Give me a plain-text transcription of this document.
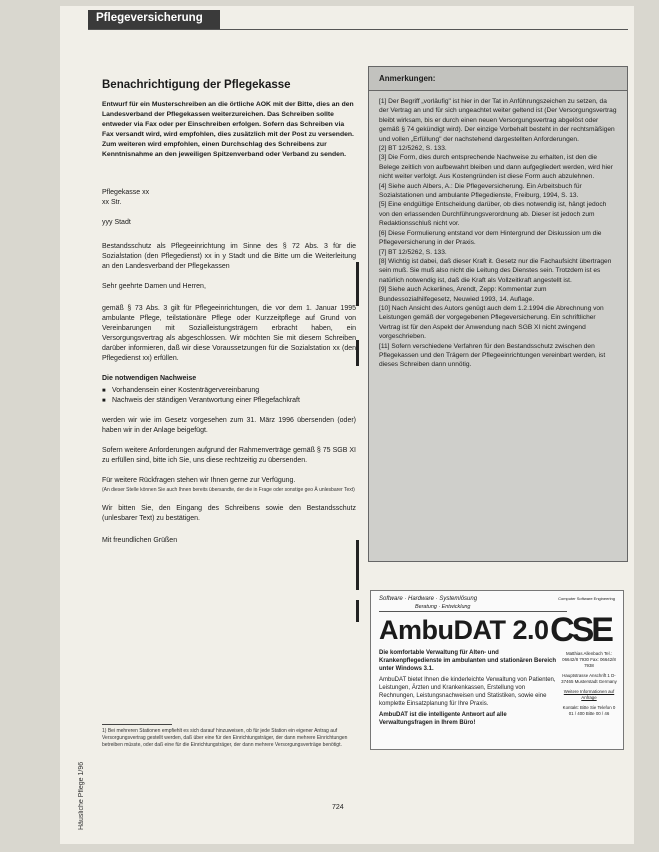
Pflegeversicherung
Benachrichtigung der Pflegekasse

Entwurf für ein Musterschreiben an die örtliche AOK mit der Bitte, dies an den Landesverband der Pflegekassen weiterzureichen. Das Schreiben sollte entweder via Fax oder per Einschreiben erfolgen. Sofern das Schreiben via Fax versandt wird, wird empfohlen, dies zusätzlich mit der Post zu versenden. Zum weiteren wird empfohlen, einen Durchschlag des Schreibens zur Kenntnisnahme an den jeweiligen Spitzenverband oder Verband zu senden.

Pflegekasse xx

xx Str.

yyy Stadt

Bestandsschutz als Pflegeeinrichtung im Sinne des § 72 Abs. 3 für die Sozialstation (den Pflegedienst) xx in y Stadt und die Bitte um die Weiterleitung an den Landesverband der Pflegekassen

Sehr geehrte Damen und Herren,

gemäß § 73 Abs. 3 gilt für Pflegeeinrichtungen, die vor dem 1. Januar 1995 ambulante Pflege, teilstationäre Pflege oder Kurzzeitpflege auf Grund von Vereinbarungen mit Sozialleistungsträgern erbracht haben, ein Versorgungsvertrag als abgeschlossen. Wir möchten Sie mit diesem Schreiben darüber informieren, daß wir diese Voraussetzungen für die Sozialstation xx (den Pflegedienst xx) erfüllen.

Die notwendigen Nachweise

■ Vorhandensein einer Kostenträgervereinbarung
■ Nachweis der ständigen Verantwortung einer Pflegefachkraft

werden wir wie im Gesetz vorgesehen zum 31. März 1996 übersenden (oder) haben wir in der Anlage beigefügt.

Sofern weitere Anforderungen aufgrund der Rahmenverträge gemäß § 75 SGB XI zu erfüllen sind, bitte ich Sie, uns diese rechtzeitig zu übersenden.

Für weitere Rückfragen stehen wir Ihnen gerne zur Verfügung.

(An dieser Stelle können Sie auch Ihnen bereits übersandte, der die in Frage oder sonstige geo Ä unlesbarer Text)

Wir bitten Sie, den Eingang des Schreibens sowie den Bestandsschutz (unlesbarer Text) zu bestätigen.

Mit freundlichen Grüßen

1) Bei mehreren Stationen empfiehlt es sich darauf hinzuweisen, ob für jede Station ein eigener Antrag auf Versorgungsvertrag gestellt werden, daß über eine für den Einrichtungsträger, der dann mehrere Einrichtungen betreiben müsste, oder daß eine für die Einrichtungsträger, der dann mehrere Versorgungsverträge benötigt.
Häusliche Pflege 1/96
Anmerkungen:

[1] Der Begriff „vorläufig" ist hier in der Tat in Anführungszeichen zu setzen, da der Vertrag an und für sich ungeachtet weiter geltend ist (Der Versorgungsvertrag bleibt wirksam, bis er durch einen neuen Versorgungsvertrag abgelöst oder gemäß § 74 gekündigt wird). Der einzige Vorbehalt besteht in der rechtsmäßigen und vollen „Erfüllung" der nachstehend dargestellten Anforderungen.

[2] BT 12/5262, S. 133.

[3] Die Form, dies durch entsprechende Nachweise zu erhalten, ist den die Belege zeitlich von aufbewahrt bleiben und dann aufgegliedert werden, wird hier nicht weiter verfolgt. Aus Kostengründen ist diese Form auch abzulehnen.

[4] Siehe auch Albers, A.: Die Pflegeversicherung. Ein Arbeitsbuch für Sozialstationen und ambulante Pflegedienste, Freiburg, 1994, S. 13.

[5] Eine endgültige Entscheidung darüber, ob dies notwendig ist, hängt jedoch von den erlassenden Durchführungsverordnung ab. Dieser ist jedoch zum Redaktionsschluß nicht vor.

[6] Diese Formulierung entstand vor dem Hintergrund der Diskussion um die Pflegeversicherung in der Praxis.

[7] BT 12/5262, S. 133.

[8] Wichtig ist dabei, daß dieser Kraft it. Gesetz nur die Fachaufsicht übertragen sein muß. Sie muß also nicht die Leitung des Dienstes sein. Trotzdem ist es natürlich notwendig ist, daß die Kraft als Vollzeitkraft angestellt ist.

[9] Siehe auch Ackerlines, Arendt, Zepp: Kommentar zum Bundessozialhilfegesetz, Neuwied 1993, 14. Auflage.

[10] Nach Ansicht des Autors genügt auch dem 1.2.1994 die Abrechnung von Leistungen gemäß der vorgegebenen Pflegeversicherung. Ein schriftlicher Vertrag ist für den Aspekt der Anwendung nach SGB XI nicht zwingend vorgeschrieben.

[11] Sofern verschiedene Verfahren für den Bestandsschutz zwischen den Pflegekassen und den Trägern der Pflegeeinrichtungen vereinbart werden, ist dieses Schreiben dann unnötig.

Software · Hardware · Systemlösung
Beratung · Entwicklung
Computer Software Engineering
AmbuDAT 2.0 CSE

Die komfortable Verwaltung für Alten- und Krankenpflegedienste im ambulanten und stationären Bereich unter Windows 3.1.

AmbuDAT bietet Ihnen die kinderleichte Verwaltung von Patienten, Leistungen, Ärzten und Krankenkassen, Erstellung von Rechnungen, Leistungsnachweisen und Statistiken, sowie eine komplette Einsatzplanung für Ihre Praxis.

AmbuDAT ist die intelligente Antwort auf alle Verwaltungsfragen in Ihrem Büro!

Matthias Allenbach Tel.: 06642/8 7930 Fax: 06642/8 7938

Hauptstrasse Anschrift 1 D-37465 Musterstadt Germany

Weitere Informationen auf Anfrage

Kontakt: Bitte Sie Telefon 0 01 / 400 Bitte 00 / 46

724
